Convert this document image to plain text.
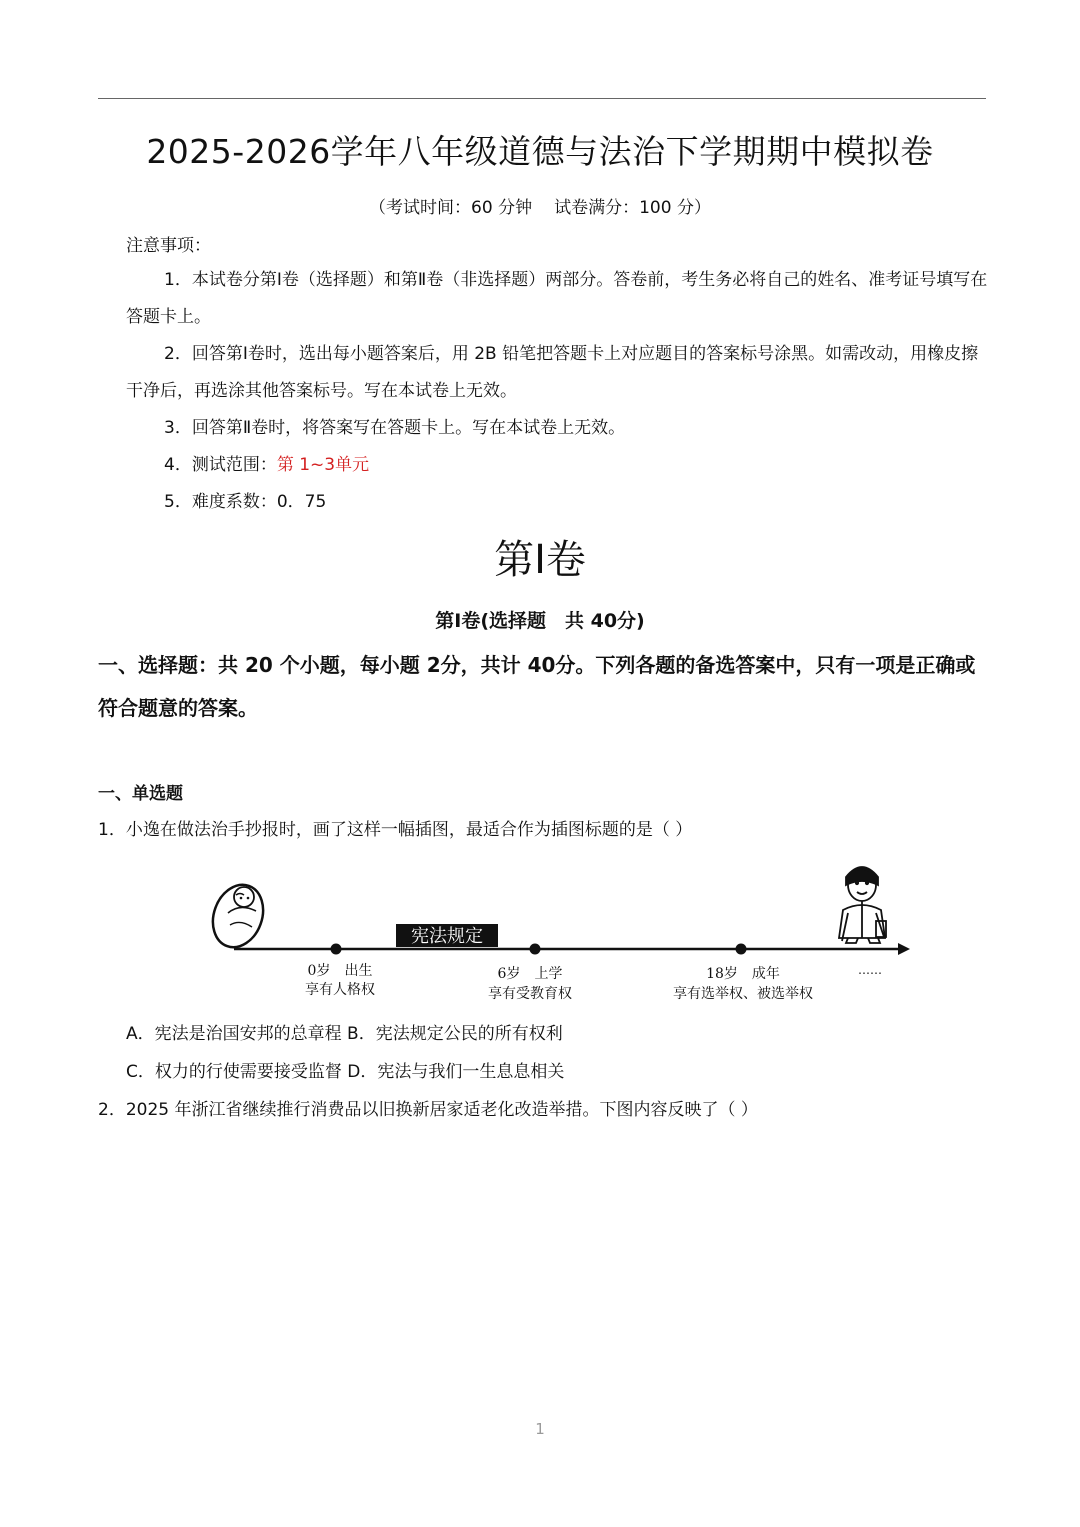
2025-2026学年八年级道德与法治下学期期中模拟卷
（考试时间：60 分钟 试卷满分：100 分）
注意事项：
1．本试卷分第Ⅰ卷（选择题）和第Ⅱ卷（非选择题）两部分。答卷前，考生务必将自己的姓名、准考证号填写在答题卡上。
2．回答第Ⅰ卷时，选出每小题答案后，用 2B 铅笔把答题卡上对应题目的答案标号涂黑。如需改动，用橡皮擦干净后，再选涂其他答案标号。写在本试卷上无效。
3．回答第Ⅱ卷时，将答案写在答题卡上。写在本试卷上无效。
4．测试范围：第 1~3单元
5．难度系数：0．75
第Ⅰ卷
第Ⅰ卷(选择题　共 40分)
一、选择题：共 20 个小题，每小题 2分，共计 40分。下列各题的备选答案中，只有一项是正确或符合题意的答案。
一、单选题
1．小逸在做法治手抄报时，画了这样一幅插图，最适合作为插图标题的是（ ）
宪法规定
0岁　出生
享有人格权
6岁　上学
享有受教育权
18岁　成年
享有选举权、被选举权
……
A．宪法是治国安邦的总章程 B．宪法规定公民的所有权利
C．权力的行使需要接受监督 D．宪法与我们一生息息相关
2．2025 年浙江省继续推行消费品以旧换新居家适老化改造举措。下图内容反映了（ ）
1
